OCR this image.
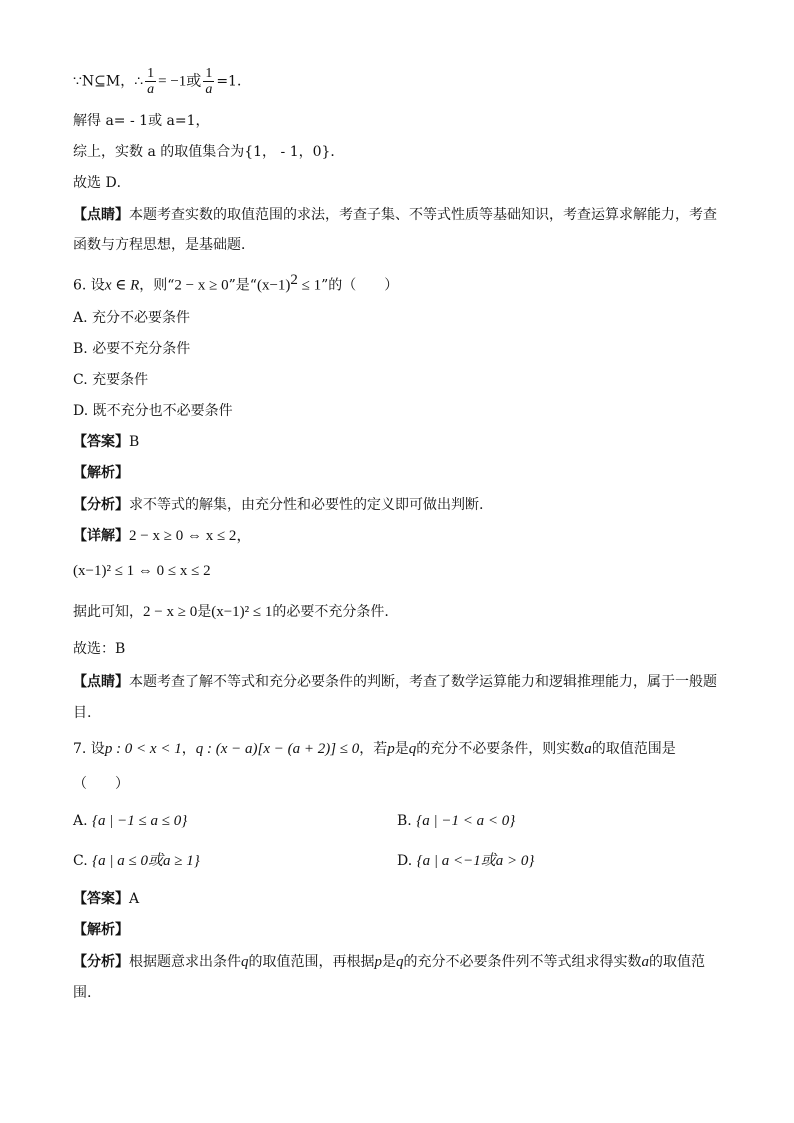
∵N⊆M，∴ $\frac{1}{a} = -1$或 $\frac{1}{a} =1$．
解得 a= - 1或 a=1，
综上，实数 a 的取值集合为{1， - 1，0}．
故选 D．
【点睛】本题考查实数的取值范围的求法，考查子集、不等式性质等基础知识，考查运算求解能力，考查
函数与方程思想，是基础题．
6. 设x ∈ R，则“2 − x ≥ 0”是“$(x-1)^2 \le 1$”的（　　）
A. 充分不必要条件
B. 必要不充分条件
C. 充要条件
D. 既不充分也不必要条件
【答案】B
【解析】
【分析】求不等式的解集，由充分性和必要性的定义即可做出判断.
【详解】2 − x ≥ 0 ⇔ x ≤ 2，
(x−1)² ≤ 1 ⇔ 0 ≤ x ≤ 2
据此可知，2 − x ≥ 0是(x−1)² ≤ 1的必要不充分条件.
故选：B
【点睛】本题考查了解不等式和充分必要条件的判断，考查了数学运算能力和逻辑推理能力，属于一般题
目.
7. 设p : 0 < x < 1，q : (x − a)[x − (a + 2)] ≤ 0，若p是q的充分不必要条件，则实数a的取值范围是
（　　）
A. {a | −1 ≤ a ≤ 0}	B. {a | −1 < a < 0}
C. {a | a ≤ 0或a ≥ 1}	D. {a | a <−1或a > 0}
【答案】A
【解析】
【分析】根据题意求出条件q的取值范围，再根据p是q的充分不必要条件列不等式组求得实数a的取值范
围.
